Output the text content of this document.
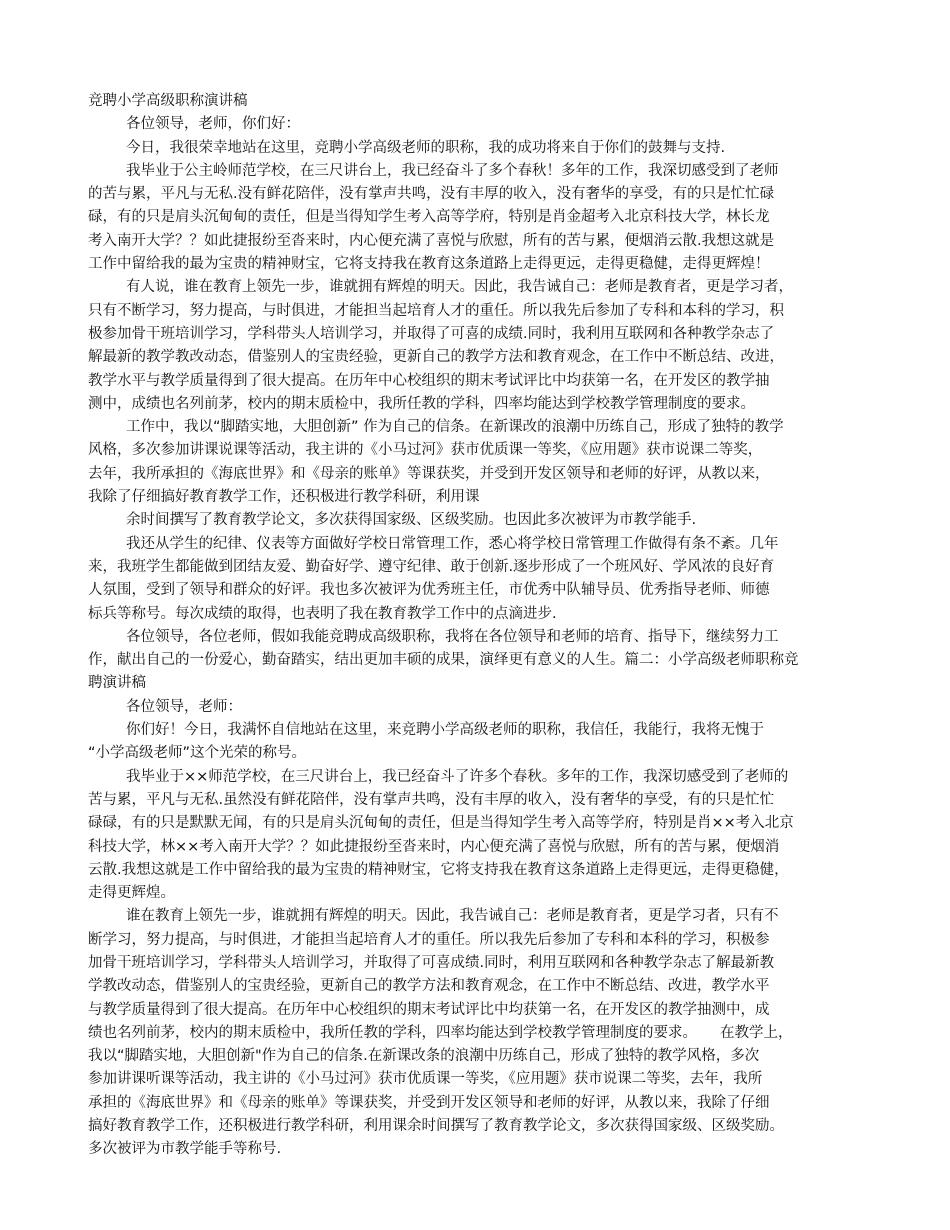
竞聘小学高级职称演讲稿
各位领导，老师，你们好：
今日，我很荣幸地站在这里，竞聘小学高级老师的职称，我的成功将来自于你们的鼓舞与支持.
我毕业于公主岭师范学校，在三尺讲台上，我已经奋斗了多个春秋！多年的工作，我深切感受到了老师
的苦与累，平凡与无私.没有鲜花陪伴，没有掌声共鸣，没有丰厚的收入，没有奢华的享受，有的只是忙忙碌
碌，有的只是肩头沉甸甸的责任，但是当得知学生考入高等学府，特别是肖金超考入北京科技大学，林长龙
考入南开大学？？如此捷报纷至沓来时，内心便充满了喜悦与欣慰，所有的苦与累，便烟消云散.我想这就是
工作中留给我的最为宝贵的精神财宝，它将支持我在教育这条道路上走得更远，走得更稳健，走得更辉煌！
有人说，谁在教育上领先一步，谁就拥有辉煌的明天。因此，我告诫自己：老师是教育者，更是学习者，
只有不断学习，努力提高，与时俱进，才能担当起培育人才的重任。所以我先后参加了专科和本科的学习，积
极参加骨干班培训学习，学科带头人培训学习，并取得了可喜的成绩.同时，我利用互联网和各种教学杂志了
解最新的教学教改动态，借鉴别人的宝贵经验，更新自己的教学方法和教育观念，在工作中不断总结、改进，
教学水平与教学质量得到了很大提高。在历年中心校组织的期末考试评比中均获第一名，在开发区的教学抽
测中，成绩也名列前茅，校内的期末质检中，我所任教的学科，四率均能达到学校教学管理制度的要求。
工作中，我以“脚踏实地，大胆创新” 作为自己的信条。在新课改的浪潮中历练自己，形成了独特的教学
风格，多次参加讲课说课等活动，我主讲的《小马过河》获市优质课一等奖，《应用题》获市说课二等奖，
去年，我所承担的《海底世界》和《母亲的账单》等课获奖，并受到开发区领导和老师的好评，从教以来，
我除了仔细搞好教育教学工作，还积极进行教学科研，利用课
余时间撰写了教育教学论文，多次获得国家级、区级奖励。也因此多次被评为市教学能手.
我还从学生的纪律、仪表等方面做好学校日常管理工作，悉心将学校日常管理工作做得有条不紊。几年
来，我班学生都能做到团结友爱、勤奋好学、遵守纪律、敢于创新.逐步形成了一个班风好、学风浓的良好育
人氛围，受到了领导和群众的好评。我也多次被评为优秀班主任，市优秀中队辅导员、优秀指导老师、师德
标兵等称号。每次成绩的取得，也表明了我在教育教学工作中的点滴进步.
各位领导，各位老师，假如我能竞聘成高级职称，我将在各位领导和老师的培育、指导下，继续努力工
作，献出自己的一份爱心，勤奋踏实，结出更加丰硕的成果，演绎更有意义的人生。篇二：小学高级老师职称竞
聘演讲稿
各位领导，老师：
你们好！今日，我满怀自信地站在这里，来竞聘小学高级老师的职称，我信任，我能行，我将无愧于
“小学高级老师”这个光荣的称号。
我毕业于××师范学校，在三尺讲台上，我已经奋斗了许多个春秋。多年的工作，我深切感受到了老师的
苦与累，平凡与无私.虽然没有鲜花陪伴，没有掌声共鸣，没有丰厚的收入，没有奢华的享受，有的只是忙忙
碌碌，有的只是默默无闻，有的只是肩头沉甸甸的责任，但是当得知学生考入高等学府，特别是肖××考入北京
科技大学，林××考入南开大学？？如此捷报纷至沓来时，内心便充满了喜悦与欣慰，所有的苦与累，便烟消
云散.我想这就是工作中留给我的最为宝贵的精神财宝，它将支持我在教育这条道路上走得更远，走得更稳健，
走得更辉煌。
谁在教育上领先一步，谁就拥有辉煌的明天。因此，我告诫自己：老师是教育者，更是学习者，只有不
断学习，努力提高，与时俱进，才能担当起培育人才的重任。所以我先后参加了专科和本科的学习，积极参
加骨干班培训学习，学科带头人培训学习，并取得了可喜成绩.同时，利用互联网和各种教学杂志了解最新教
学教改动态，借鉴别人的宝贵经验，更新自己的教学方法和教育观念，在工作中不断总结、改进，教学水平
与教学质量得到了很大提高。在历年中心校组织的期末考试评比中均获第一名，在开发区的教学抽测中，成
绩也名列前茅，校内的期末质检中，我所任教的学科，四率均能达到学校教学管理制度的要求。     在教学上，
我以“脚踏实地，大胆创新"作为自己的信条.在新课改条的浪潮中历练自己，形成了独特的教学风格，多次
参加讲课听课等活动，我主讲的《小马过河》获市优质课一等奖，《应用题》获市说课二等奖，去年，我所
承担的《海底世界》和《母亲的账单》等课获奖，并受到开发区领导和老师的好评，从教以来，我除了仔细
搞好教育教学工作，还积极进行教学科研，利用课余时间撰写了教育教学论文，多次获得国家级、区级奖励。
多次被评为市教学能手等称号.
